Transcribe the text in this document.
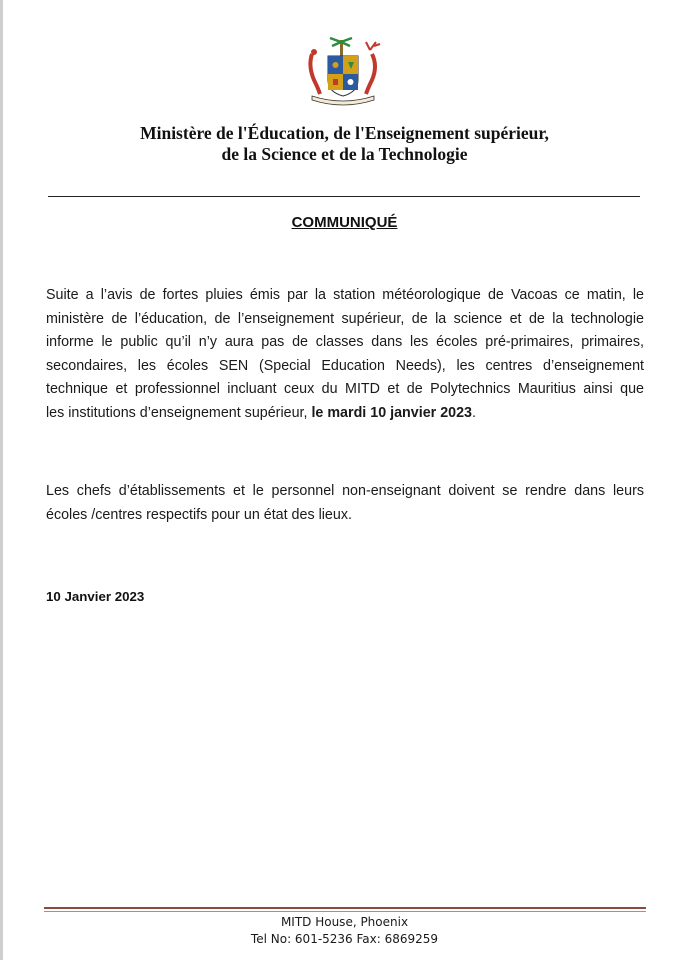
Ministère de l'Éducation, de l'Enseignement supérieur,
de la Science et de la Technologie
COMMUNIQUÉ
Suite a l’avis de fortes pluies émis par la station météorologique de Vacoas ce matin, le
ministère de l’éducation, de l’enseignement supérieur, de la science et de la technologie
informe le public qu’il n’y aura pas de classes dans les écoles pré-primaires, primaires,
secondaires, les écoles SEN (Special Education Needs), les centres d’enseignement
technique et professionnel incluant ceux du MITD et de Polytechnics Mauritius ainsi que
les institutions d’enseignement supérieur, le mardi 10 janvier 2023.
Les chefs d’établissements et le personnel non-enseignant doivent se rendre dans leurs
écoles /centres respectifs pour un état des lieux.
10 Janvier 2023
MITD House, Phoenix
Tel No: 601-5236 Fax: 6869259
